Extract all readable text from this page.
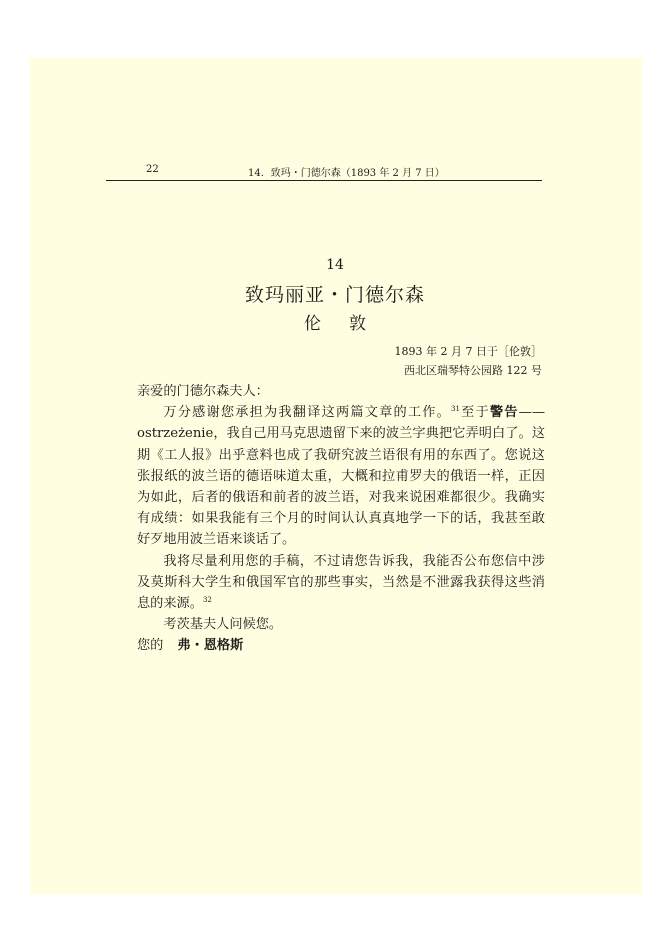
22	14．致玛・门德尔森（1893 年 2 月 7 日）
14
致玛丽亚・门德尔森
伦敦
1893 年 2 月 7 日于［伦敦］
西北区瑞琴特公园路 122 号

亲爱的门德尔森夫人：

万分感谢您承担为我翻译这两篇文章的工作。$^{31}$至于警告—— ostrzeżenie，我自己用马克思遗留下来的波兰字典把它弄明白了。这期《工人报》出乎意料也成了我研究波兰语很有用的东西了。您说这张报纸的波兰语的德语味道太重，大概和拉甫罗夫的俄语一样，正因为如此，后者的俄语和前者的波兰语，对我来说困难都很少。我确实有成绩：如果我能有三个月的时间认认真真地学一下的话，我甚至敢好歹地用波兰语来谈话了。

我将尽量利用您的手稿，不过请您告诉我，我能否公布您信中涉及莫斯科大学生和俄国军官的那些事实，当然是不泄露我获得这些消息的来源。$^{32}$

考茨基夫人问候您。

您的 弗・恩格斯
